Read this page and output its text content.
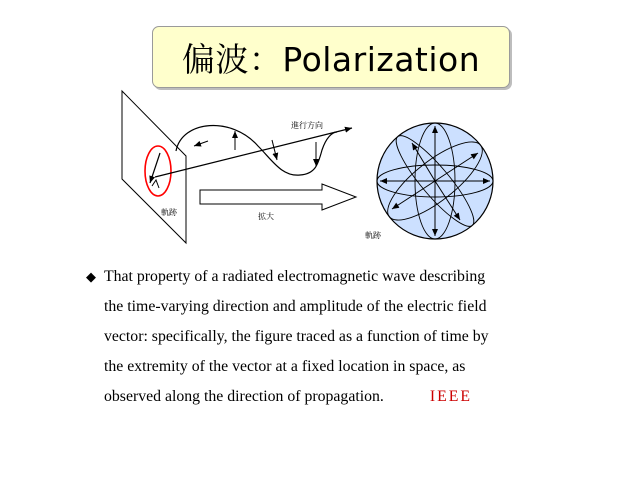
偏波：Polarization
進行方向
拡大
軌跡
軌跡
◆ That property of a radiated electromagnetic wave describing
the time-varying direction and amplitude of the electric field
vector: specifically, the figure traced as a function of time by
the extremity of the vector at a fixed location in space, as
observed along the direction of propagation.	IEEE
